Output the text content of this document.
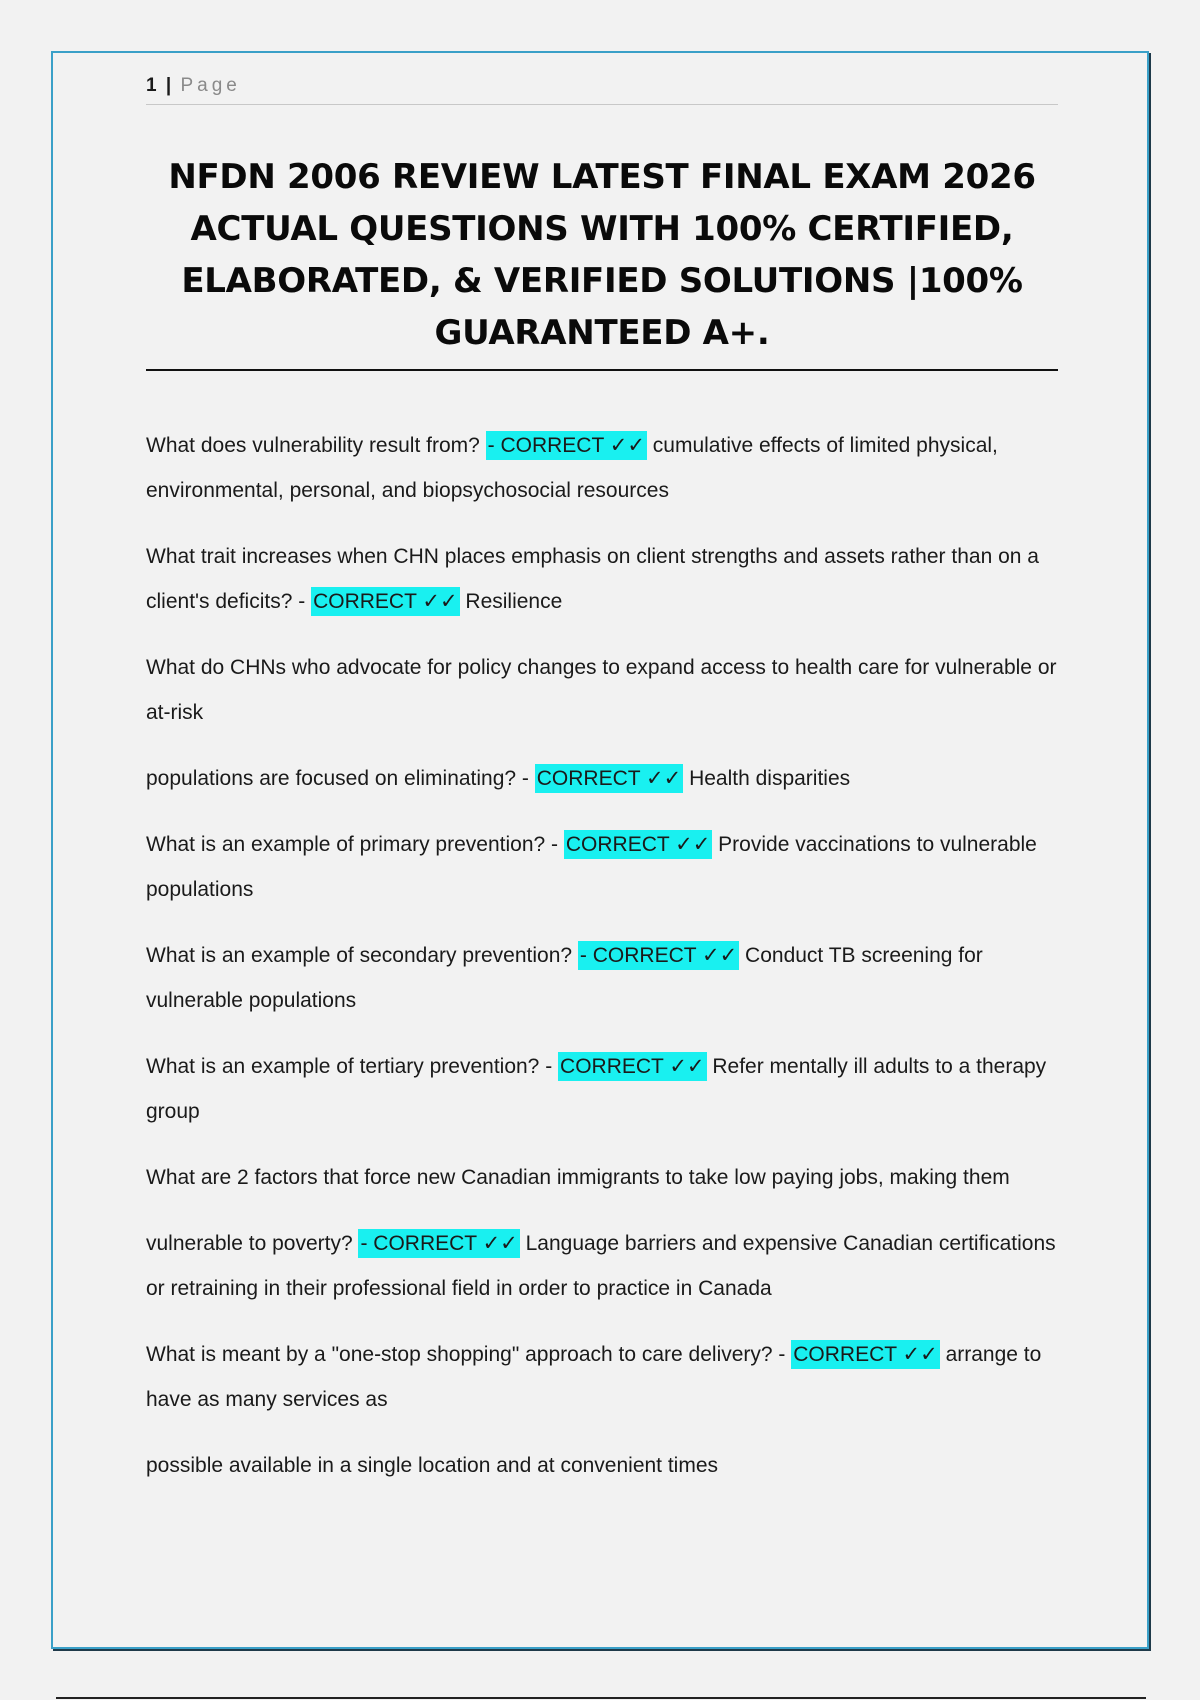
1 | Page
NFDN 2006 REVIEW LATEST FINAL EXAM 2026 ACTUAL QUESTIONS WITH 100% CERTIFIED, ELABORATED, & VERIFIED SOLUTIONS |100% GUARANTEED A+.

What does vulnerability result from? - CORRECT ✓✓ cumulative effects of limited physical, environmental, personal, and biopsychosocial resources

What trait increases when CHN places emphasis on client strengths and assets rather than on a client's deficits? - CORRECT ✓✓ Resilience

What do CHNs who advocate for policy changes to expand access to health care for vulnerable or at-risk

populations are focused on eliminating? - CORRECT ✓✓ Health disparities

What is an example of primary prevention? - CORRECT ✓✓ Provide vaccinations to vulnerable populations

What is an example of secondary prevention? - CORRECT ✓✓ Conduct TB screening for vulnerable populations

What is an example of tertiary prevention? - CORRECT ✓✓ Refer mentally ill adults to a therapy group

What are 2 factors that force new Canadian immigrants to take low paying jobs, making them

vulnerable to poverty? - CORRECT ✓✓ Language barriers and expensive Canadian certifications or retraining in their professional field in order to practice in Canada

What is meant by a "one-stop shopping" approach to care delivery? - CORRECT ✓✓ arrange to have as many services as

possible available in a single location and at convenient times
